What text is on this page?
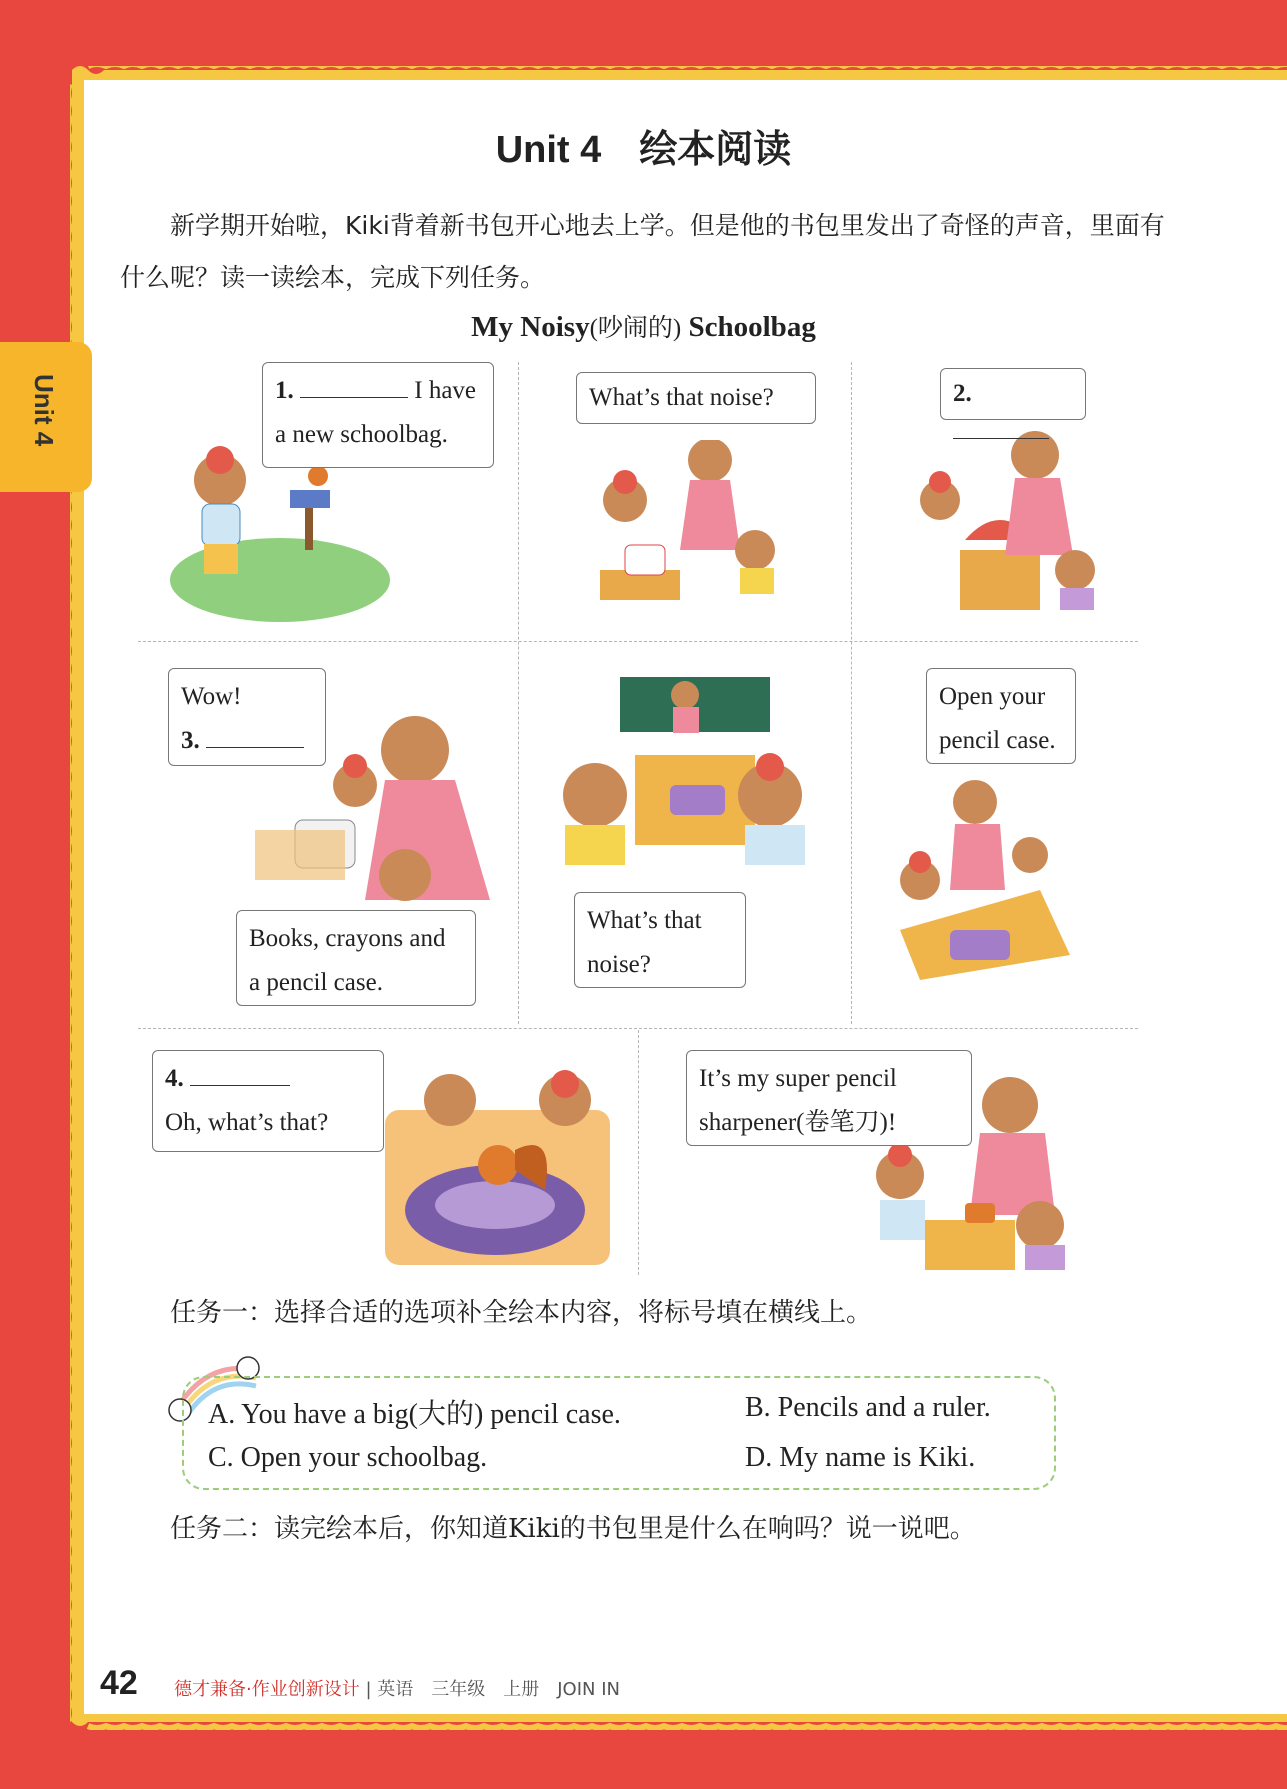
Unit 4
Unit 4　绘本阅读
新学期开始啦，Kiki背着新书包开心地去上学。但是他的书包里发出了奇怪的声音，里面有什么呢？读一读绘本，完成下列任务。
My Noisy(吵闹的) Schoolbag
1.	I have
a new schoolbag.
What’s that noise?	2.
Wow!
3.
Books, crayons and
a pencil case.
What’s that
noise?
Open your
pencil case.
4.
Oh, what’s that?
It’s my super pencil
sharpener(卷笔刀)!
任务一：选择合适的选项补全绘本内容，将标号填在横线上。
A. You have a big(大的) pencil case.	B. Pencils and a ruler.
C. Open your schoolbag.	D. My name is Kiki.
任务二：读完绘本后，你知道Kiki的书包里是什么在响吗？说一说吧。
42 德才兼备·作业创新设计 | 英语　三年级　上册　JOIN IN
